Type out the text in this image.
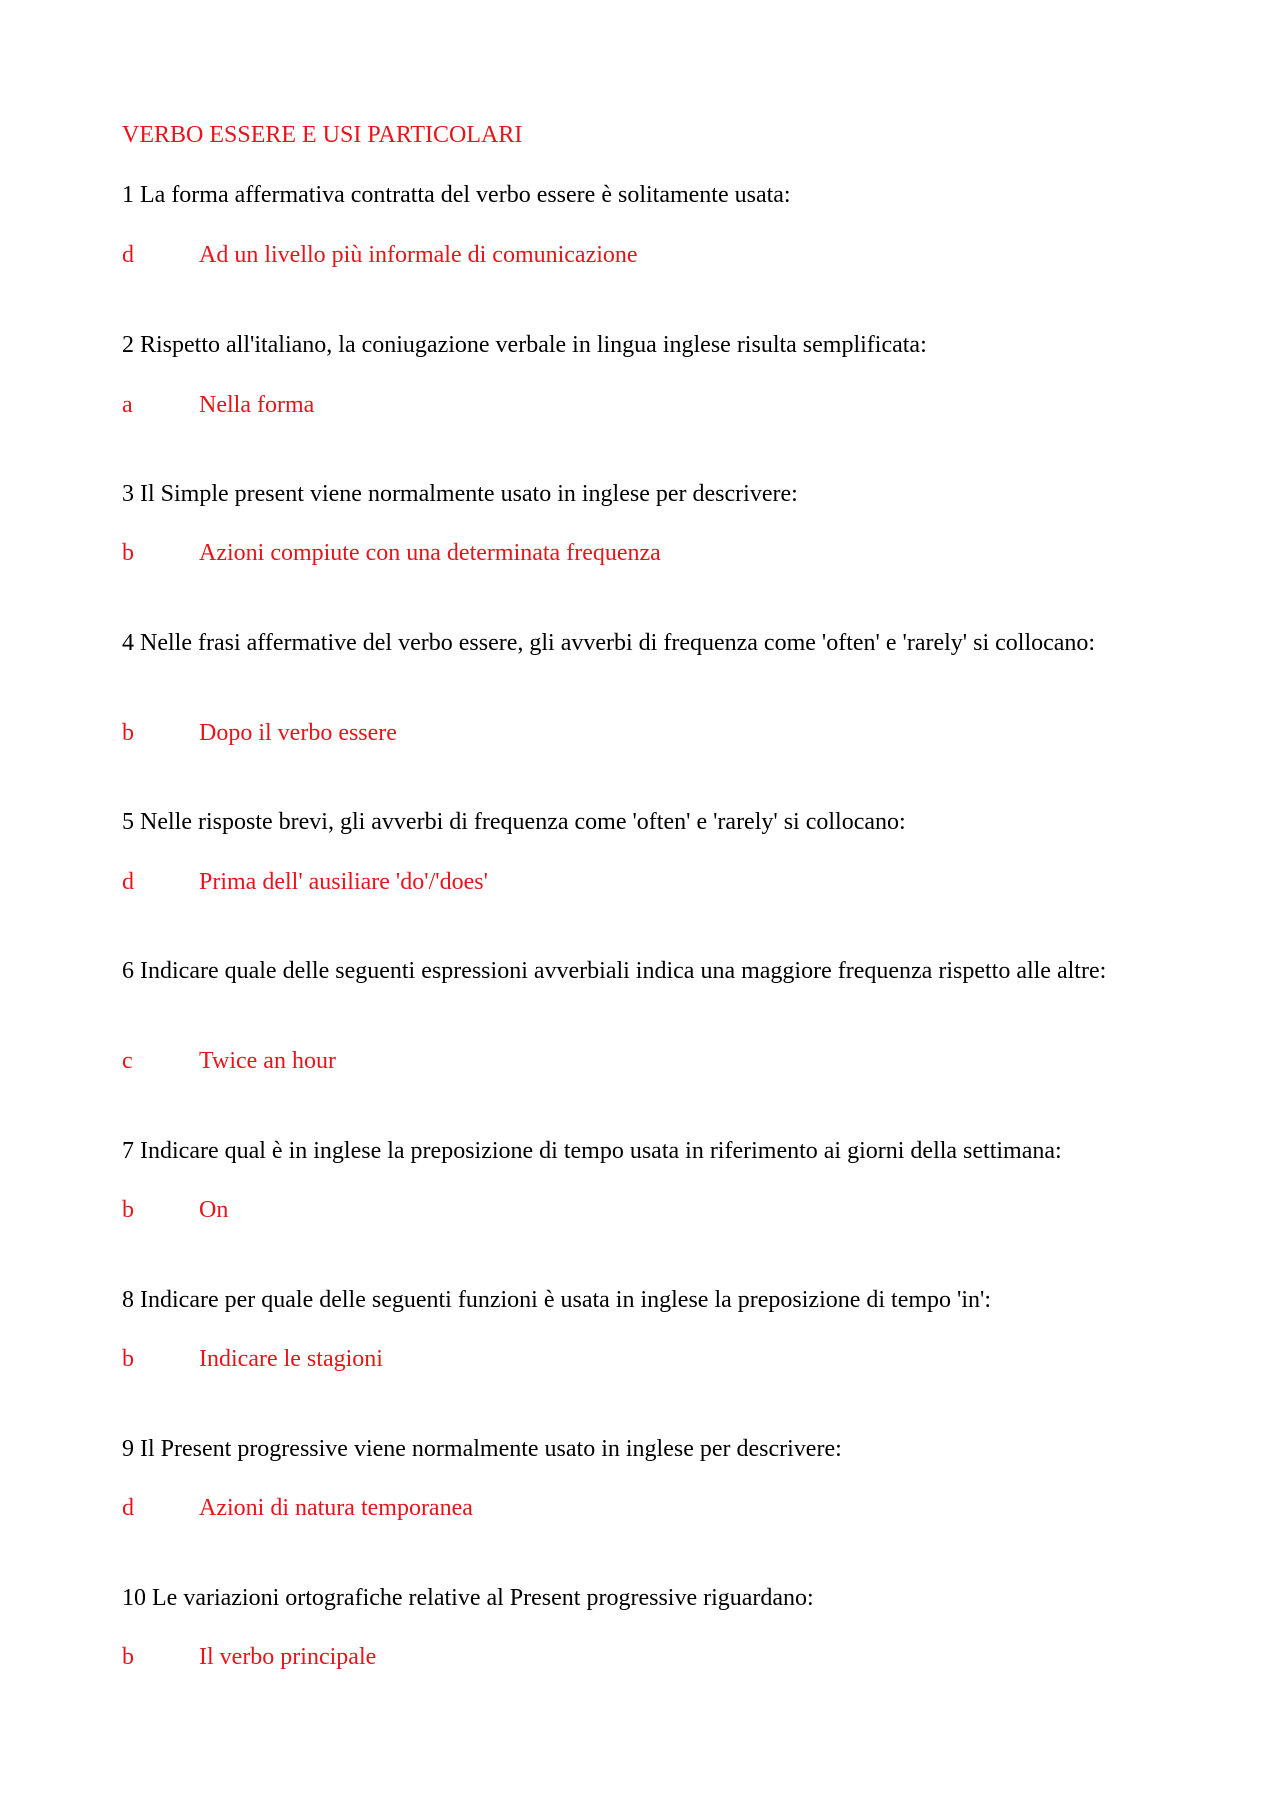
VERBO ESSERE E USI PARTICOLARI
1 La forma affermativa contratta del verbo essere è solitamente usata:
d	Ad un livello più informale di comunicazione
2 Rispetto all'italiano, la coniugazione verbale in lingua inglese risulta semplificata:
a	Nella forma
3 Il Simple present viene normalmente usato in inglese per descrivere:
b	Azioni compiute con una determinata frequenza
4 Nelle frasi affermative del verbo essere, gli avverbi di frequenza come 'often' e 'rarely' si collocano:
b	Dopo il verbo essere
5 Nelle risposte brevi, gli avverbi di frequenza come 'often' e 'rarely' si collocano:
d	Prima dell' ausiliare 'do'/'does'
6 Indicare quale delle seguenti espressioni avverbiali indica una maggiore frequenza rispetto alle altre:
c	Twice an hour
7 Indicare qual è in inglese la preposizione di tempo usata in riferimento ai giorni della settimana:
b	On
8 Indicare per quale delle seguenti funzioni è usata in inglese la preposizione di tempo 'in':
b	Indicare le stagioni
9 Il Present progressive viene normalmente usato in inglese per descrivere:
d	Azioni di natura temporanea
10 Le variazioni ortografiche relative al Present progressive riguardano:
b	Il verbo principale
